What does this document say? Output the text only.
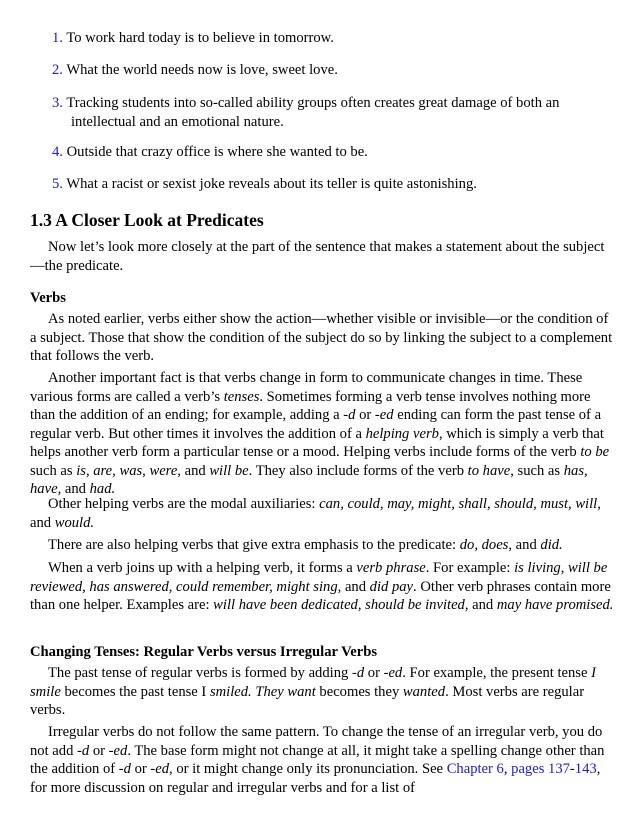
1. To work hard today is to believe in tomorrow.
2. What the world needs now is love, sweet love.
3. Tracking students into so-called ability groups often creates great damage of both an
intellectual and an emotional nature.
4. Outside that crazy office is where she wanted to be.
5. What a racist or sexist joke reveals about its teller is quite astonishing.
1.3 A Closer Look at Predicates

Now let’s look more closely at the part of the sentence that makes a statement about the subject—the predicate.

Verbs

As noted earlier, verbs either show the action—whether visible or invisible—or the condition of a subject. Those that show the condition of the subject do so by linking the subject to a complement that follows the verb.

Another important fact is that verbs change in form to communicate changes in time. These various forms are called a verb’s tenses. Sometimes forming a verb tense involves nothing more than the addition of an ending; for example, adding a -d or -ed ending can form the past tense of a regular verb. But other times it involves the addition of a helping verb, which is simply a verb that helps another verb form a particular tense or a mood. Helping verbs include forms of the verb to be such as is, are, was, were, and will be. They also include forms of the verb to have, such as has, have, and had.

Other helping verbs are the modal auxiliaries: can, could, may, might, shall, should, must, will, and would.

There are also helping verbs that give extra emphasis to the predicate: do, does, and did.

When a verb joins up with a helping verb, it forms a verb phrase. For example: is living, will be reviewed, has answered, could remember, might sing, and did pay. Other verb phrases contain more than one helper. Examples are: will have been dedicated, should be invited, and may have promised.

Changing Tenses: Regular Verbs versus Irregular Verbs

The past tense of regular verbs is formed by adding -d or -ed. For example, the present tense I smile becomes the past tense I smiled. They want becomes they wanted. Most verbs are regular verbs.

Irregular verbs do not follow the same pattern. To change the tense of an irregular verb, you do not add -d or -ed. The base form might not change at all, it might take a spelling change other than the addition of -d or -ed, or it might change only its pronunciation. See Chapter 6, pages 137-143, for more discussion on regular and irregular verbs and for a list of
